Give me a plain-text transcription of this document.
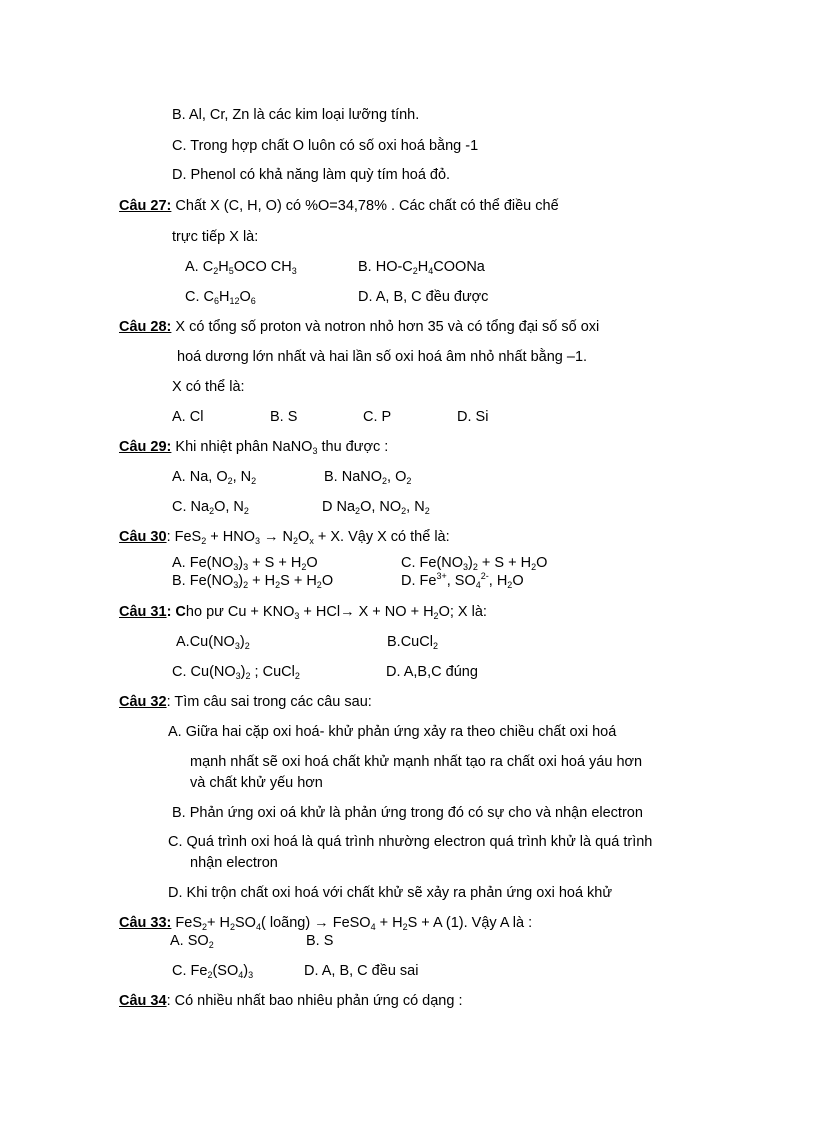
B. Al, Cr, Zn là các kim loại lưỡng tính.
C. Trong hợp chất O luôn có số oxi hoá bằng -1
D. Phenol có khả năng làm quỳ tím hoá đỏ.
Câu 27: Chất X (C, H, O) có %O=34,78% . Các chất có thể điều chế
trực tiếp X là:
A. $C_2H_5OCO$ $CH_3$	B. $HO-C_2H_4COONa$
C. $C_6H_{12}O_6$	D. A, B, C đều được
Câu 28: X có tổng số proton và notron nhỏ hơn 35 và có tổng đại số số oxi
hoá dương lớn nhất và hai lần số oxi hoá âm nhỏ nhất bằng –1.
X có thể là:
A. Cl	B. S	C. P	D. Si
Câu 29: Khi nhiệt phân NaNO$_3$ thu được :
A. Na, $O_2$, $N_2$	B. NaNO$_2$, $O_2$
C. $Na_2O$, $N_2$	D $Na_2O$, $NO_2$, $N_2$
Câu 30: $FeS_2 + HNO_3 \to N_2O_x + X$. Vậy X có thể là:
A. $Fe(NO_3)_3 + S + H_2O$	C. $Fe(NO_3)_2 + S + H_2O$
B. $Fe(NO_3)_2 + H_2S + H_2O$	D. $Fe^{3+}$, $SO_4^{2-}$, $H_2O$
Câu 31: Cho pư $Cu + KNO_3 + HCl\to X$ + NO + $H_2O$; X là:
$A.Cu(NO_3)_2$	B.CuCl$_2$
C. $Cu(NO_3)_2$ ; CuCl$_2$	D. A,B,C đúng
Câu 32: Tìm câu sai trong các câu sau:
A. Giữa hai cặp oxi hoá- khử phản ứng xảy ra theo chiều chất oxi hoá
mạnh nhất sẽ oxi hoá chất khử mạnh nhất tạo ra chất oxi hoá yáu hơn
và chất khử yếu hơn
B. Phản ứng oxi oá khử là phản ứng trong đó có sự cho và nhận electron
C. Quá trình oxi hoá là quá trình nhường electron quá trình khử là quá trình
nhận electron
D. Khi trộn chất oxi hoá với chất khử sẽ xảy ra phản ứng oxi hoá khử
Câu 33: $FeS_2+ H_2SO_4$( loãng) → FeSO$_4$ + $H_2S + A$ (1). Vậy A là :
A. $SO_2$	B. S
C. $Fe_2(SO_4)_3$	D. A, B, C đều sai
Câu 34: Có nhiều nhất bao nhiêu phản ứng có dạng :
